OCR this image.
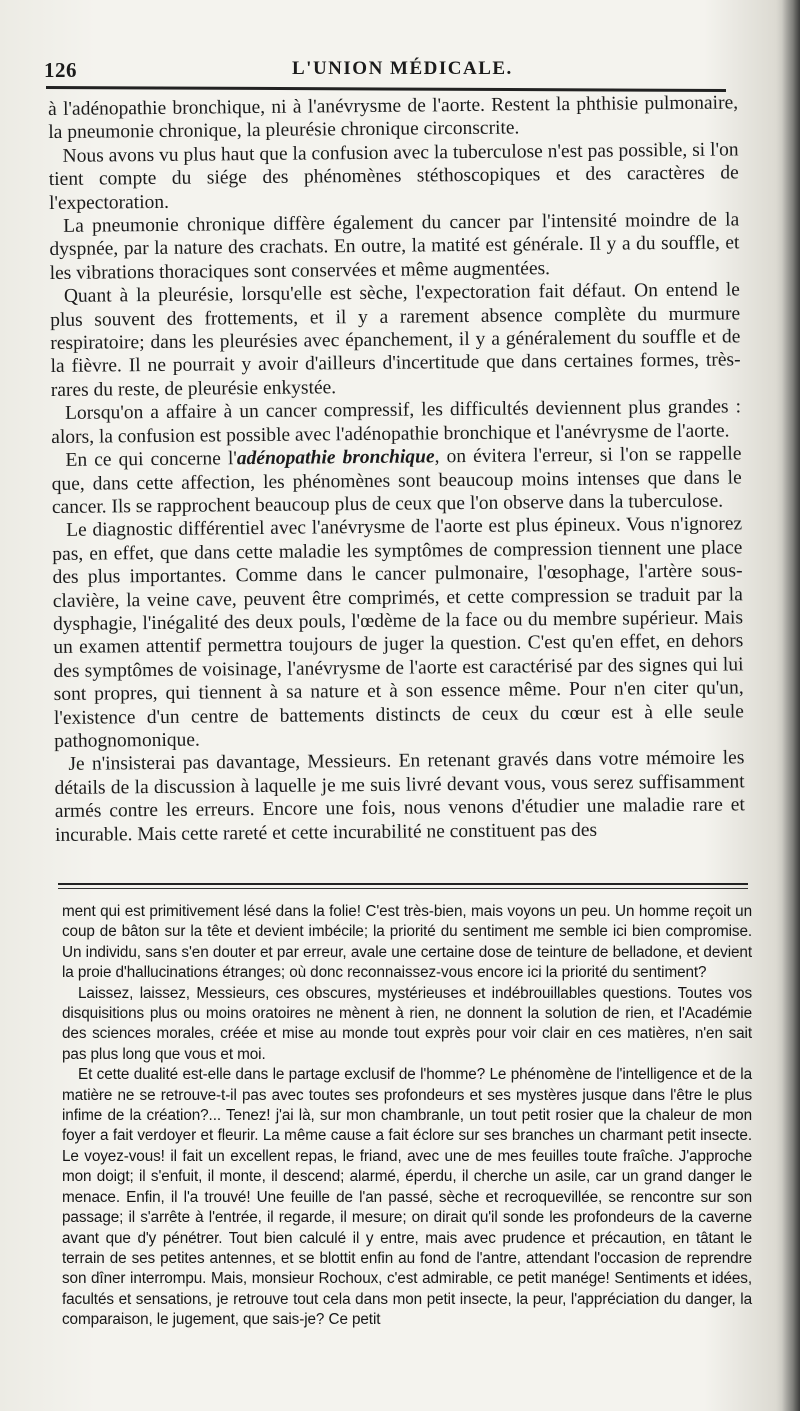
126	L'UNION MÉDICALE.

à l'adénopathie bronchique, ni à l'anévrysme de l'aorte. Restent la phthisie pulmonaire, la pneumonie chronique, la pleurésie chronique circonscrite.

Nous avons vu plus haut que la confusion avec la tuberculose n'est pas possible, si l'on tient compte du siége des phénomènes stéthoscopiques et des caractères de l'expectoration.

La pneumonie chronique diffère également du cancer par l'intensité moindre de la dyspnée, par la nature des crachats. En outre, la matité est générale. Il y a du souffle, et les vibrations thoraciques sont conservées et même augmentées.

Quant à la pleurésie, lorsqu'elle est sèche, l'expectoration fait défaut. On entend le plus souvent des frottements, et il y a rarement absence complète du murmure respiratoire; dans les pleurésies avec épanchement, il y a généralement du souffle et de la fièvre. Il ne pourrait y avoir d'ailleurs d'incertitude que dans certaines formes, très-rares du reste, de pleurésie enkystée.

Lorsqu'on a affaire à un cancer compressif, les difficultés deviennent plus grandes : alors, la confusion est possible avec l'adénopathie bronchique et l'anévrysme de l'aorte.

En ce qui concerne l'adénopathie bronchique, on évitera l'erreur, si l'on se rappelle que, dans cette affection, les phénomènes sont beaucoup moins intenses que dans le cancer. Ils se rapprochent beaucoup plus de ceux que l'on observe dans la tuberculose.

Le diagnostic différentiel avec l'anévrysme de l'aorte est plus épineux. Vous n'ignorez pas, en effet, que dans cette maladie les symptômes de compression tiennent une place des plus importantes. Comme dans le cancer pulmonaire, l'œsophage, l'artère sous-clavière, la veine cave, peuvent être comprimés, et cette compression se traduit par la dysphagie, l'inégalité des deux pouls, l'œdème de la face ou du membre supérieur. Mais un examen attentif permettra toujours de juger la question. C'est qu'en effet, en dehors des symptômes de voisinage, l'anévrysme de l'aorte est caractérisé par des signes qui lui sont propres, qui tiennent à sa nature et à son essence même. Pour n'en citer qu'un, l'existence d'un centre de battements distincts de ceux du cœur est à elle seule pathognomonique.

Je n'insisterai pas davantage, Messieurs. En retenant gravés dans votre mémoire les détails de la discussion à laquelle je me suis livré devant vous, vous serez suffisamment armés contre les erreurs. Encore une fois, nous venons d'étudier une maladie rare et incurable. Mais cette rareté et cette incurabilité ne constituent pas des

ment qui est primitivement lésé dans la folie! C'est très-bien, mais voyons un peu. Un homme reçoit un coup de bâton sur la tête et devient imbécile; la priorité du sentiment me semble ici bien compromise. Un individu, sans s'en douter et par erreur, avale une certaine dose de teinture de belladone, et devient la proie d'hallucinations étranges; où donc reconnaissez-vous encore ici la priorité du sentiment?

Laissez, laissez, Messieurs, ces obscures, mystérieuses et indébrouillables questions. Toutes vos disquisitions plus ou moins oratoires ne mènent à rien, ne donnent la solution de rien, et l'Académie des sciences morales, créée et mise au monde tout exprès pour voir clair en ces matières, n'en sait pas plus long que vous et moi.

Et cette dualité est-elle dans le partage exclusif de l'homme? Le phénomène de l'intelligence et de la matière ne se retrouve-t-il pas avec toutes ses profondeurs et ses mystères jusque dans l'être le plus infime de la création?... Tenez! j'ai là, sur mon chambranle, un tout petit rosier que la chaleur de mon foyer a fait verdoyer et fleurir. La même cause a fait éclore sur ses branches un charmant petit insecte. Le voyez-vous! il fait un excellent repas, le friand, avec une de mes feuilles toute fraîche. J'approche mon doigt; il s'enfuit, il monte, il descend; alarmé, éperdu, il cherche un asile, car un grand danger le menace. Enfin, il l'a trouvé! Une feuille de l'an passé, sèche et recroquevillée, se rencontre sur son passage; il s'arrête à l'entrée, il regarde, il mesure; on dirait qu'il sonde les profondeurs de la caverne avant que d'y pénétrer. Tout bien calculé il y entre, mais avec prudence et précaution, en tâtant le terrain de ses petites antennes, et se blottit enfin au fond de l'antre, attendant l'occasion de reprendre son dîner interrompu. Mais, monsieur Rochoux, c'est admirable, ce petit manége! Sentiments et idées, facultés et sensations, je retrouve tout cela dans mon petit insecte, la peur, l'appréciation du danger, la comparaison, le jugement, que sais-je? Ce petit
